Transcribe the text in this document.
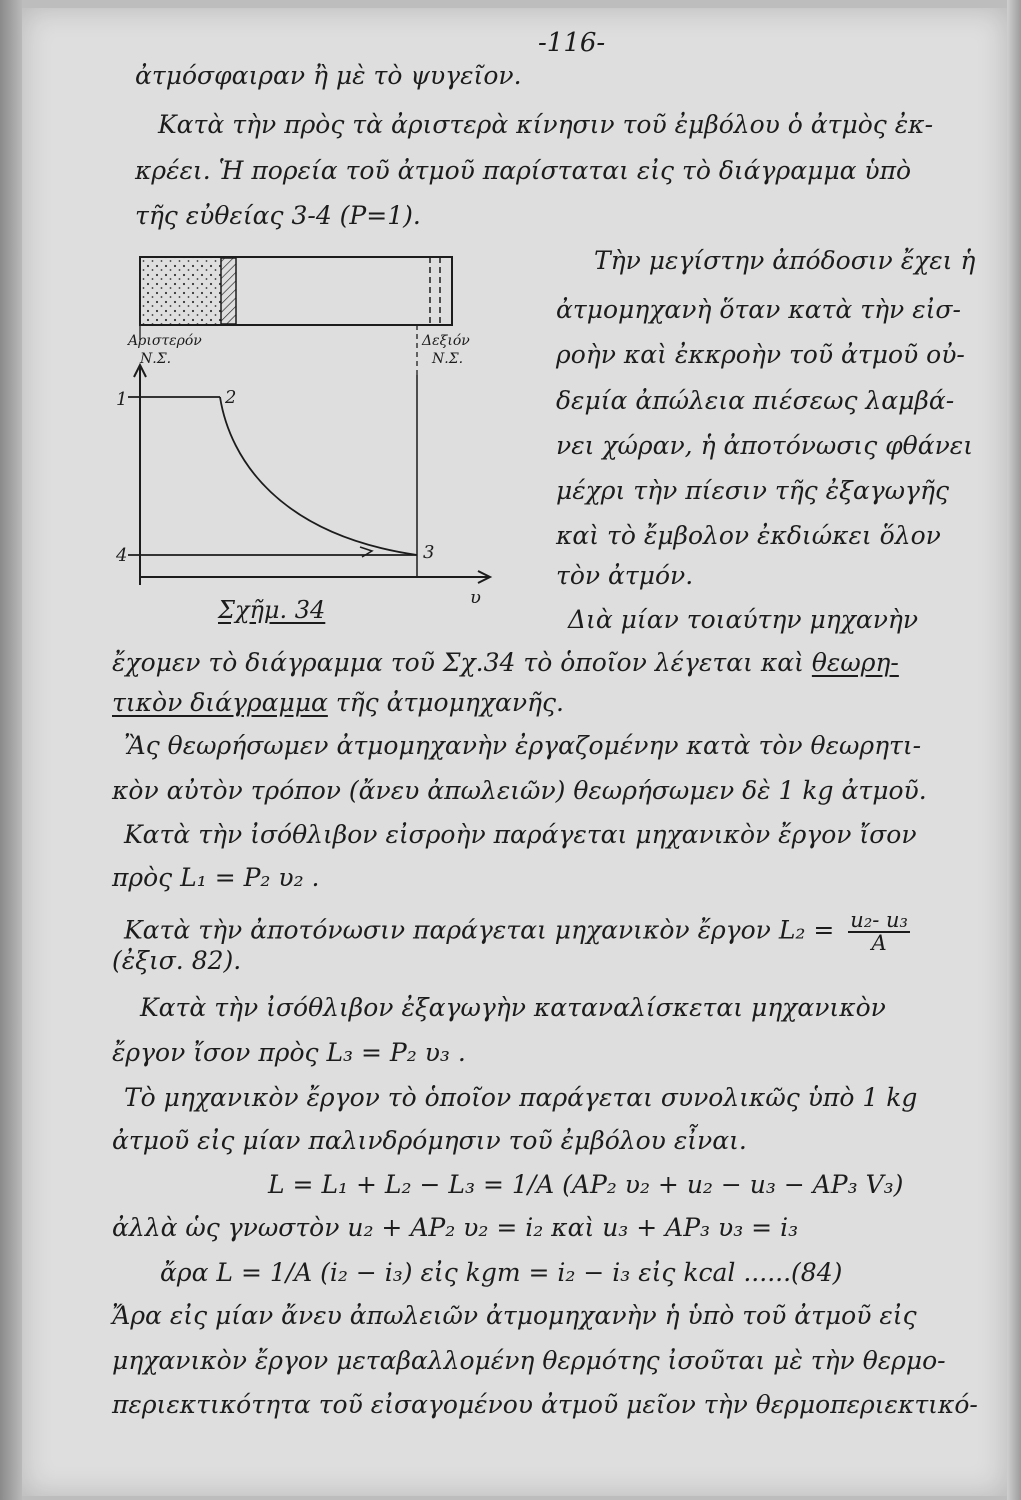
-116-
ἀτμόσφαιραν ἢ μὲ τὸ ψυγεῖον.
Κατὰ τὴν πρὸς τὰ ἀριστερὰ κίνησιν τοῦ ἐμβόλου ὁ ἀτμὸς ἐκ-
κρέει. Ἡ πορεία τοῦ ἀτμοῦ παρίσταται εἰς τὸ διάγραμμα ὑπὸ
τῆς εὐθείας 3-4 (P=1).
Αριστερόν
Ν.Σ.
Δεξιόν
Ν.Σ.
1	2
3
4
υ
Σχῆμ. 34
Τὴν μεγίστην ἀπόδοσιν ἔχει ἡ
ἀτμομηχανὴ ὅταν κατὰ τὴν εἰσ-
ροὴν καὶ ἐκκροὴν τοῦ ἀτμοῦ οὐ-
δεμία ἀπώλεια πιέσεως λαμβά-
νει χώραν, ἡ ἀποτόνωσις φθάνει
μέχρι τὴν πίεσιν τῆς ἐξαγωγῆς
καὶ τὸ ἔμβολον ἐκδιώκει ὅλον
τὸν ἀτμόν.
Διὰ μίαν τοιαύτην μηχανὴν
ἔχομεν τὸ διάγραμμα τοῦ Σχ.34 τὸ ὁποῖον λέγεται καὶ θεωρη-
τικὸν διάγραμμα τῆς ἀτμομηχανῆς.
Ἂς θεωρήσωμεν ἀτμομηχανὴν ἐργαζομένην κατὰ τὸν θεωρητι-
κὸν αὐτὸν τρόπον (ἄνευ ἀπωλειῶν) θεωρήσωμεν δὲ 1 kg ἀτμοῦ.
Κατὰ τὴν ἰσόθλιβον εἰσροὴν παράγεται μηχανικὸν ἔργον ἴσον
πρὸς L₁ = P₂ υ₂ .
Κατὰ τὴν ἀποτόνωσιν παράγεται μηχανικὸν ἔργον $L_2 = \frac{\text{u₂- u₃}}{A}$
(ἐξισ. 82).
Κατὰ τὴν ἰσόθλιβον ἐξαγωγὴν καταναλίσκεται μηχανικὸν
ἔργον ἴσον πρὸς L₃ = P₂ υ₃ .
Τὸ μηχανικὸν ἔργον τὸ ὁποῖον παράγεται συνολικῶς ὑπὸ 1 kg
ἀτμοῦ εἰς μίαν παλινδρόμησιν τοῦ ἐμβόλου εἶναι.
L = L₁ + L₂ − L₃ = 1/A (AP₂ υ₂ + u₂ − u₃ − AP₃ V₃)
ἀλλὰ ὡς γνωστὸν u₂ + AP₂ υ₂ = i₂ καὶ u₃ + AP₃ υ₃ = i₃
ἄρα L = 1/A (i₂ − i₃) εἰς kgm = i₂ − i₃ εἰς kcal ......(84)
Ἄρα εἰς μίαν ἄνευ ἀπωλειῶν ἀτμομηχανὴν ἡ ὑπὸ τοῦ ἀτμοῦ εἰς
μηχανικὸν ἔργον μεταβαλλομένη θερμότης ἰσοῦται μὲ τὴν θερμο-
περιεκτικότητα τοῦ εἰσαγομένου ἀτμοῦ μεῖον τὴν θερμοπεριεκτικό-
